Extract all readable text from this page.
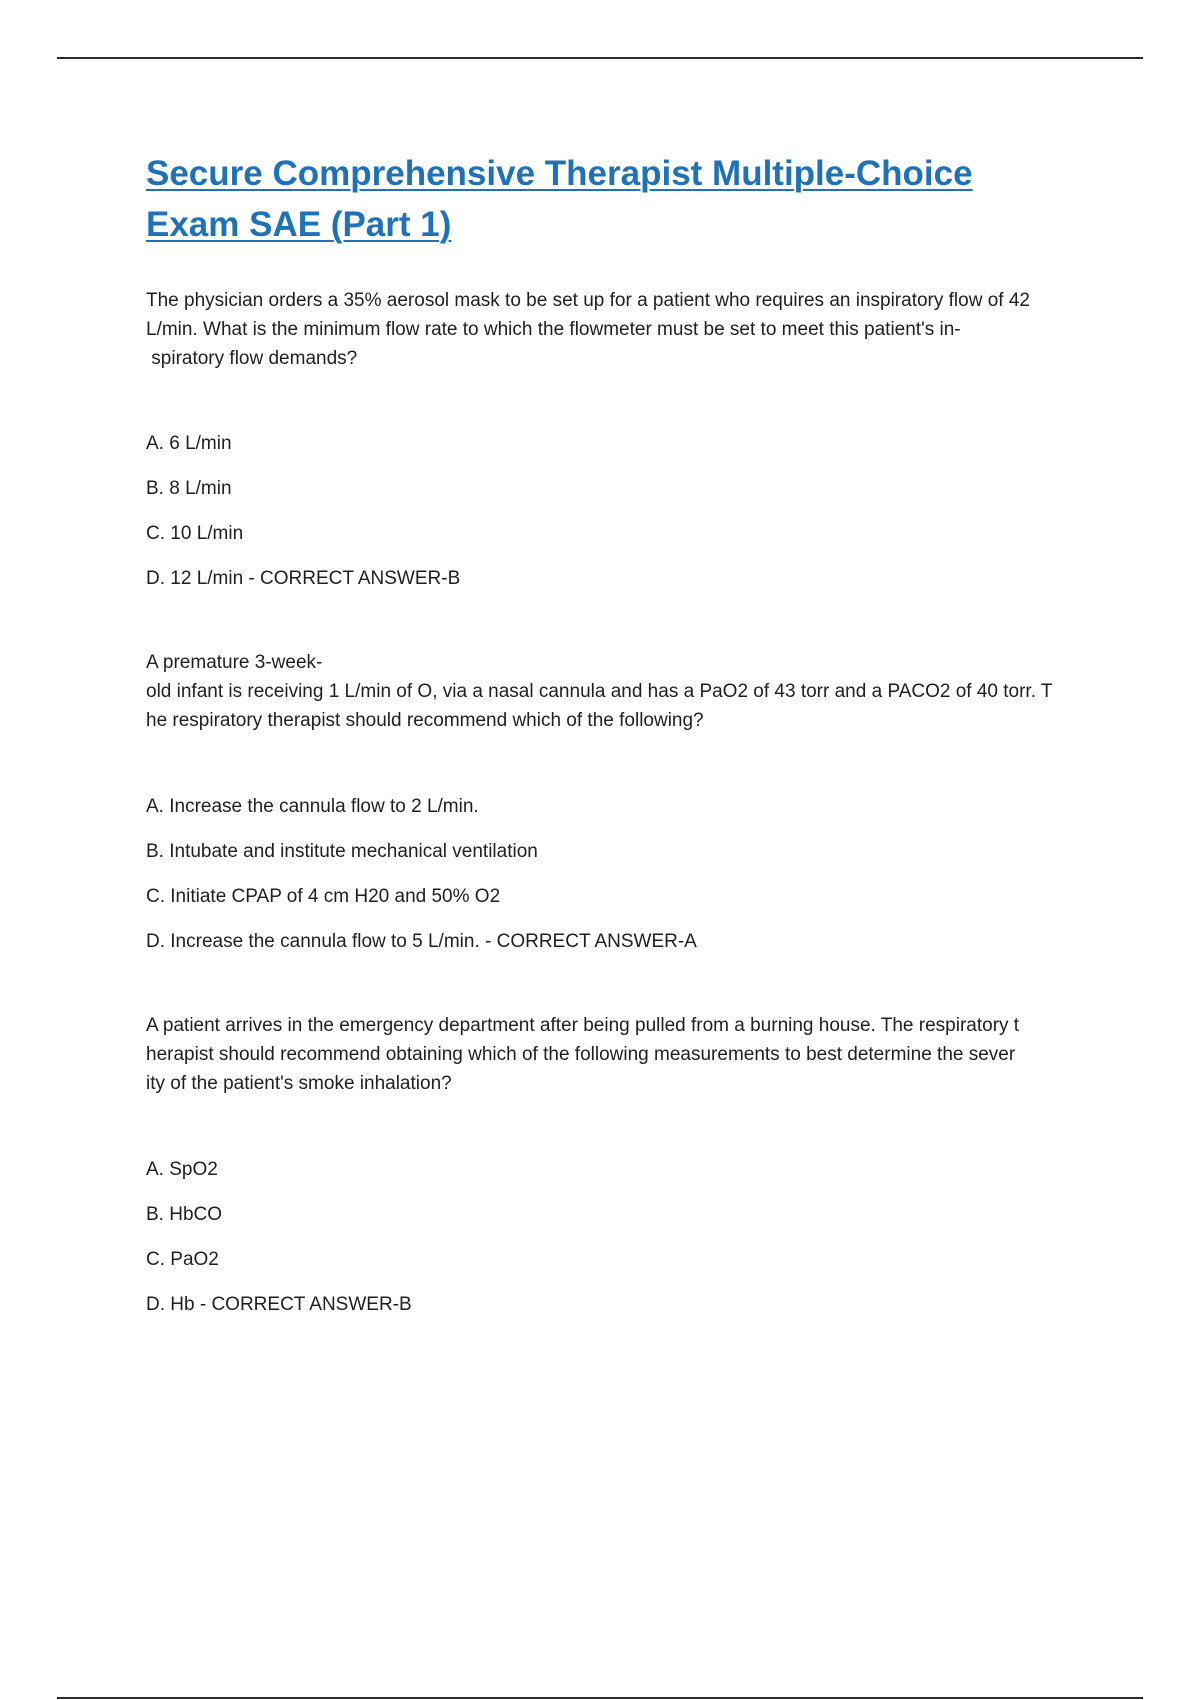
Secure Comprehensive Therapist Multiple-Choice Exam SAE (Part 1)

The physician orders a 35% aerosol mask to be set up for a patient who requires an inspiratory flow of 42
L/min. What is the minimum flow rate to which the flowmeter must be set to meet this patient's in-
spiratory flow demands?

A. 6 L/min
B. 8 L/min
C. 10 L/min
D. 12 L/min - CORRECT ANSWER-B

A premature 3-week-
old infant is receiving 1 L/min of O, via a nasal cannula and has a PaO2 of 43 torr and a PACO2 of 40 torr. T
he respiratory therapist should recommend which of the following?

A. Increase the cannula flow to 2 L/min.
B. Intubate and institute mechanical ventilation
C. Initiate CPAP of 4 cm H20 and 50% O2
D. Increase the cannula flow to 5 L/min. - CORRECT ANSWER-A

A patient arrives in the emergency department after being pulled from a burning house. The respiratory t
herapist should recommend obtaining which of the following measurements to best determine the sever
ity of the patient's smoke inhalation?

A. SpO2
B. HbCO
C. PaO2
D. Hb - CORRECT ANSWER-B
